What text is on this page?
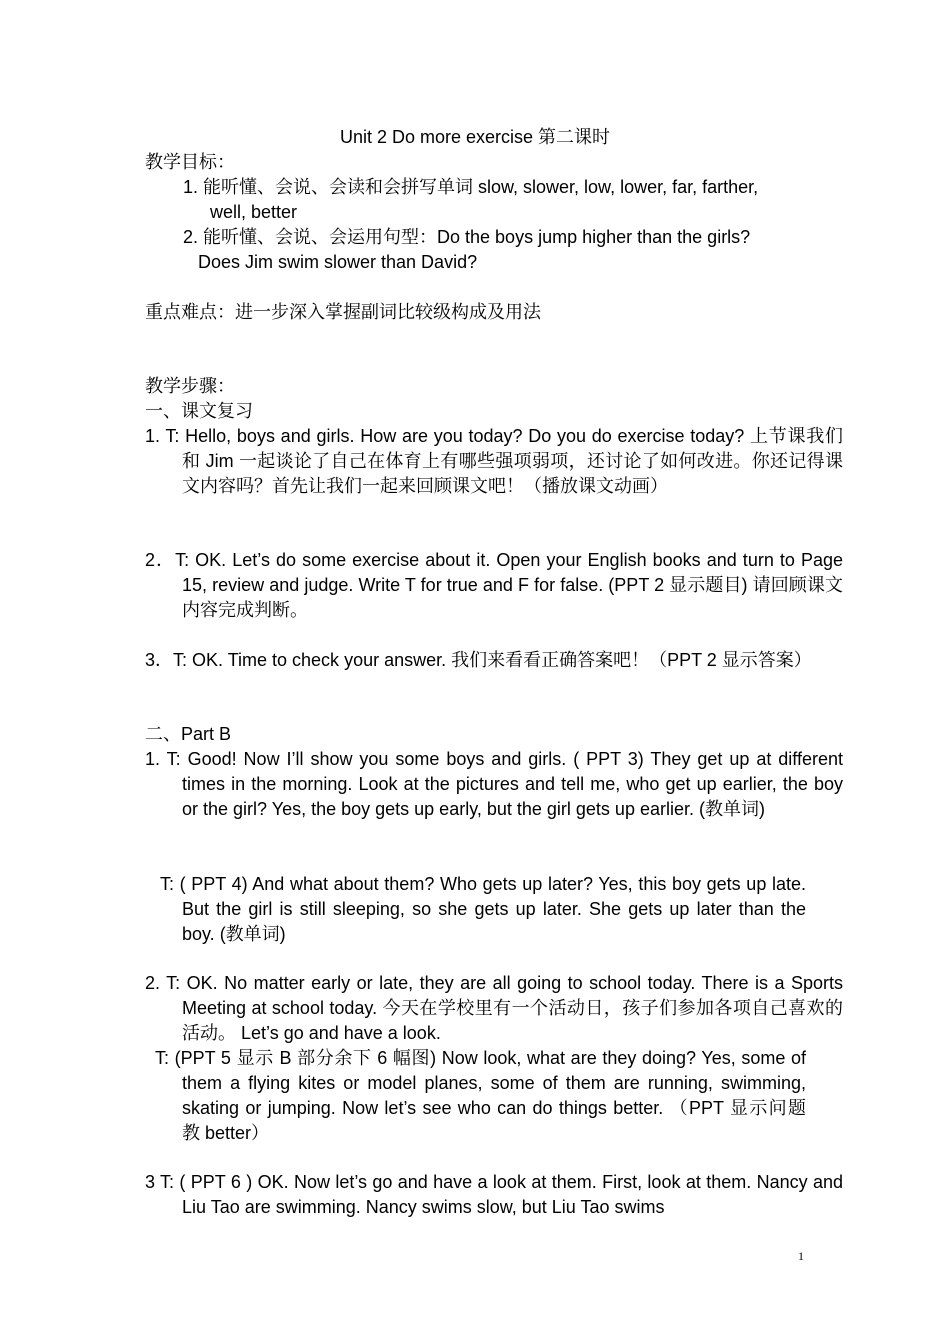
Unit 2 Do more exercise 第二课时
教学目标：
1. 能听懂、会说、会读和会拼写单词 slow, slower, low, lower, far, farther,
well, better
2. 能听懂、会说、会运用句型：Do the boys jump higher than the girls?
Does Jim swim slower than David?
重点难点：进一步深入掌握副词比较级构成及用法
教学步骤：
一、课文复习
1. T: Hello, boys and girls. How are you today? Do you do exercise today? 上节课我们和 Jim 一起谈论了自己在体育上有哪些强项弱项，还讨论了如何改进。你还记得课文内容吗？首先让我们一起来回顾课文吧！（播放课文动画）
2．T: OK. Let’s do some exercise about it. Open your English books and turn to Page 15, review and judge. Write T for true and F for false. (PPT 2 显示题目) 请回顾课文内容完成判断。
3．T: OK. Time to check your answer. 我们来看看正确答案吧！（PPT 2 显示答案）
二、Part B
1. T: Good! Now I’ll show you some boys and girls. ( PPT 3) They get up at different times in the morning. Look at the pictures and tell me, who get up earlier, the boy or the girl? Yes, the boy gets up early, but the girl gets up earlier. (教单词)
T: ( PPT 4) And what about them? Who gets up later? Yes, this boy gets up late. But the girl is still sleeping, so she gets up later. She gets up later than the boy. (教单词)
2. T: OK. No matter early or late, they are all going to school today. There is a Sports Meeting at school today. 今天在学校里有一个活动日，孩子们参加各项自己喜欢的活动。 Let’s go and have a look.
T: (PPT 5 显示 B 部分余下 6 幅图) Now look, what are they doing? Yes, some of them a flying kites or model planes, some of them are running, swimming, skating or jumping. Now let’s see who can do things better. （PPT 显示问题 教 better）
3 T: ( PPT 6 ) OK. Now let’s go and have a look at them. First, look at them. Nancy and Liu Tao are swimming. Nancy swims slow, but Liu Tao swims
1
